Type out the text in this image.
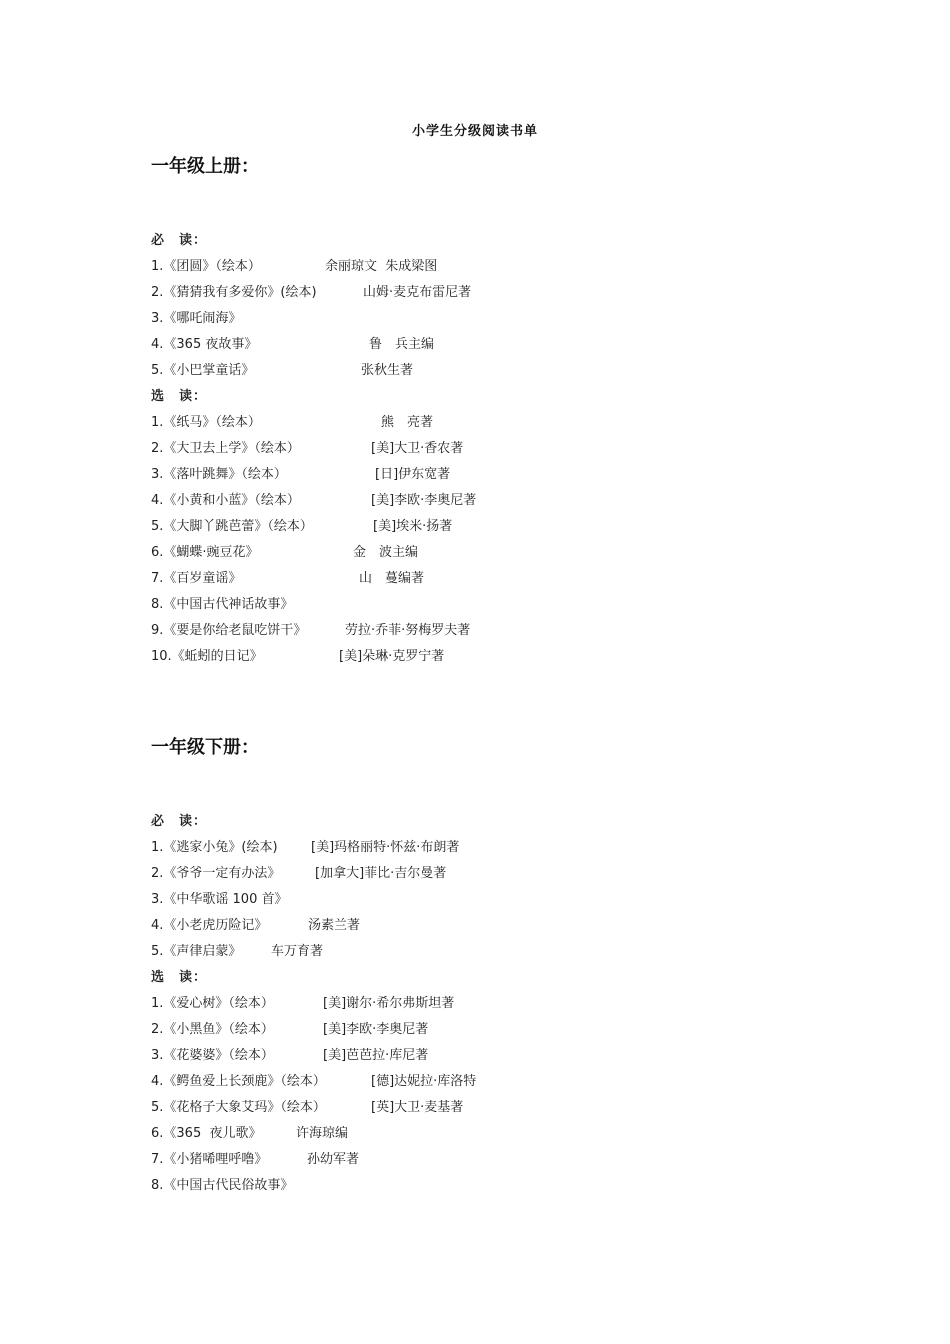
小学生分级阅读书单
一年级上册：
必　读：
1.《团圆》（绘本）	余丽琼文  朱成梁图
2.《猜猜我有多爱你》(绘本)	山姆·麦克布雷尼著
3.《哪吒闹海》
4.《365 夜故事》	鲁　兵主编
5.《小巴掌童话》	张秋生著
选　读：
1.《纸马》（绘本）	熊　亮著
2.《大卫去上学》（绘本）	[美]大卫·香农著
3.《落叶跳舞》（绘本）	[日]伊东宽著
4.《小黄和小蓝》（绘本）	[美]李欧·李奥尼著
5.《大脚丫跳芭蕾》（绘本）	[美]埃米·扬著
6.《蝴蝶·豌豆花》	金　波主编
7.《百岁童谣》	山　蔓编著
8.《中国古代神话故事》
9.《要是你给老鼠吃饼干》	劳拉·乔菲·努梅罗夫著
10.《蚯蚓的日记》	[美]朵琳·克罗宁著
一年级下册：
必　读：
1.《逃家小兔》(绘本)	[美]玛格丽特·怀兹·布朗著
2.《爷爷一定有办法》	[加拿大]菲比·吉尔曼著
3.《中华歌谣 100 首》
4.《小老虎历险记》	汤素兰著
5.《声律启蒙》 车万育著
选　读：
1.《爱心树》（绘本）	[美]谢尔·希尔弗斯坦著
2.《小黑鱼》（绘本）	[美]李欧·李奥尼著
3.《花婆婆》（绘本）	[美]芭芭拉·库尼著
4.《鳄鱼爱上长颈鹿》（绘本）	[德]达妮拉·库洛特
5.《花格子大象艾玛》（绘本）	[英]大卫·麦基著
6.《365  夜儿歌》	许海琼编
7.《小猪唏哩呼噜》	孙幼军著
8.《中国古代民俗故事》
